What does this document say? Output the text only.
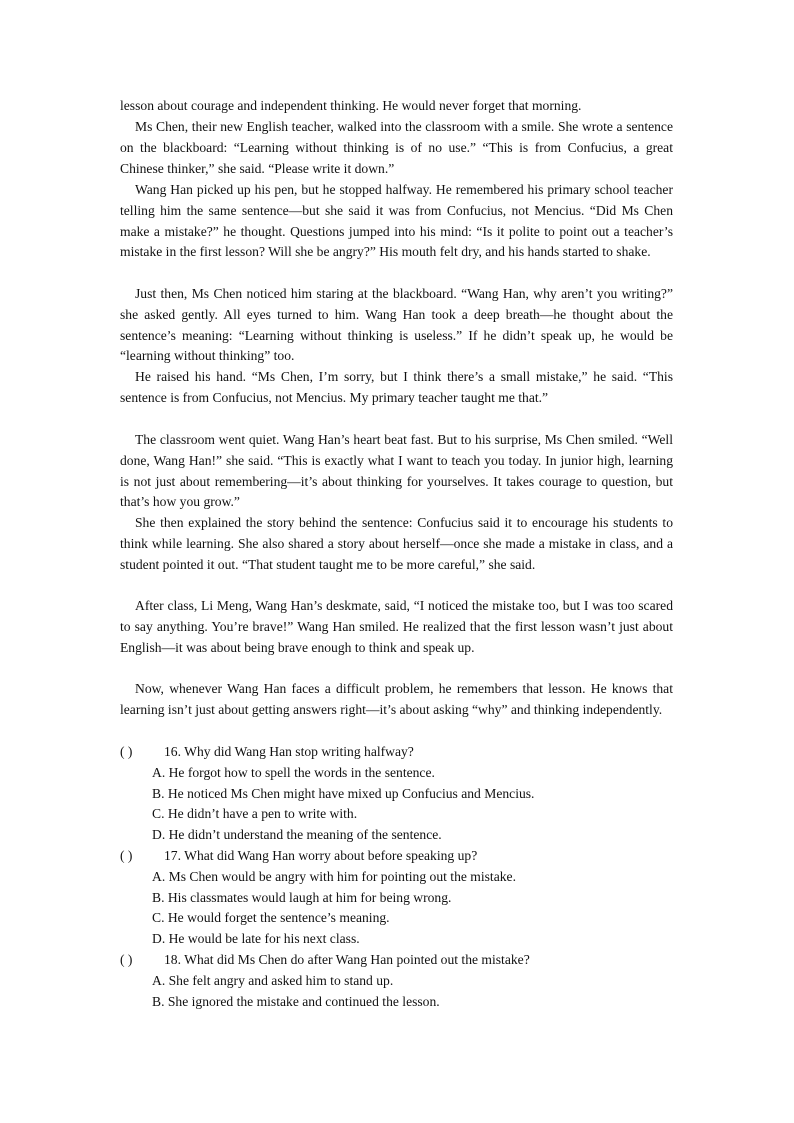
lesson about courage and independent thinking. He would never forget that morning.

Ms Chen, their new English teacher, walked into the classroom with a smile. She wrote a sentence on the blackboard: “Learning without thinking is of no use.” “This is from Confucius, a great Chinese thinker,” she said. “Please write it down.”

Wang Han picked up his pen, but he stopped halfway. He remembered his primary school teacher telling him the same sentence—but she said it was from Confucius, not Mencius. “Did Ms Chen make a mistake?” he thought. Questions jumped into his mind: “Is it polite to point out a teacher’s mistake in the first lesson? Will she be angry?” His mouth felt dry, and his hands started to shake.

Just then, Ms Chen noticed him staring at the blackboard. “Wang Han, why aren’t you writing?” she asked gently. All eyes turned to him. Wang Han took a deep breath—he thought about the sentence’s meaning: “Learning without thinking is useless.” If he didn’t speak up, he would be “learning without thinking” too.

He raised his hand. “Ms Chen, I’m sorry, but I think there’s a small mistake,” he said. “This sentence is from Confucius, not Mencius. My primary teacher taught me that.”

The classroom went quiet. Wang Han’s heart beat fast. But to his surprise, Ms Chen smiled. “Well done, Wang Han!” she said. “This is exactly what I want to teach you today. In junior high, learning is not just about remembering—it’s about thinking for yourselves. It takes courage to question, but that’s how you grow.”

She then explained the story behind the sentence: Confucius said it to encourage his students to think while learning. She also shared a story about herself—once she made a mistake in class, and a student pointed it out. “That student taught me to be more careful,” she said.

After class, Li Meng, Wang Han’s deskmate, said, “I noticed the mistake too, but I was too scared to say anything. You’re brave!” Wang Han smiled. He realized that the first lesson wasn’t just about English—it was about being brave enough to think and speak up.

Now, whenever Wang Han faces a difficult problem, he remembers that lesson. He knows that learning isn’t just about getting answers right—it’s about asking “why” and thinking independently.

( ) 16. Why did Wang Han stop writing halfway?
A. He forgot how to spell the words in the sentence.
B. He noticed Ms Chen might have mixed up Confucius and Mencius.
C. He didn’t have a pen to write with.
D. He didn’t understand the meaning of the sentence.
( ) 17. What did Wang Han worry about before speaking up?
A. Ms Chen would be angry with him for pointing out the mistake.
B. His classmates would laugh at him for being wrong.
C. He would forget the sentence’s meaning.
D. He would be late for his next class.
( ) 18. What did Ms Chen do after Wang Han pointed out the mistake?
A. She felt angry and asked him to stand up.
B. She ignored the mistake and continued the lesson.
